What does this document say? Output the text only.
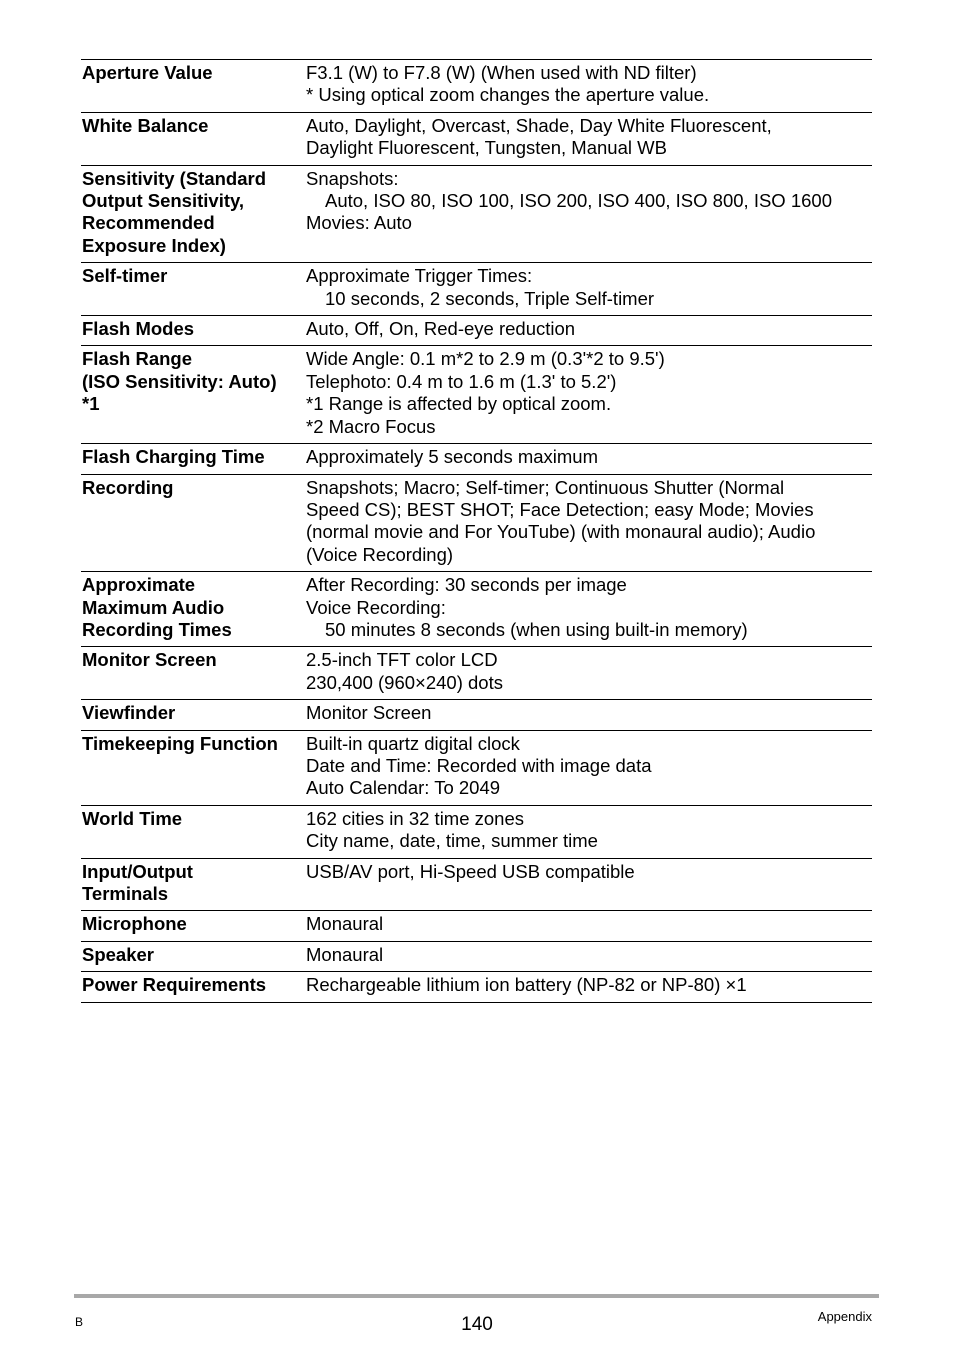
Aperture Value	F3.1 (W) to F7.8 (W) (When used with ND filter)
* Using optical zoom changes the aperture value.

White Balance	Auto, Daylight, Overcast, Shade, Day White Fluorescent,
Daylight Fluorescent, Tungsten, Manual WB

Sensitivity (Standard
Output Sensitivity,
Recommended
Exposure Index)	Snapshots:
Auto, ISO 80, ISO 100, ISO 200, ISO 400, ISO 800, ISO 1600
Movies: Auto

Self-timer	Approximate Trigger Times:
10 seconds, 2 seconds, Triple Self-timer

Flash Modes	Auto, Off, On, Red-eye reduction

Flash Range
(ISO Sensitivity: Auto)
*1	Wide Angle: 0.1 m*2 to 2.9 m (0.3'*2 to 9.5')
Telephoto: 0.4 m to 1.6 m (1.3' to 5.2')
*1 Range is affected by optical zoom.
*2 Macro Focus

Flash Charging Time	Approximately 5 seconds maximum

Recording	Snapshots; Macro; Self-timer; Continuous Shutter (Normal
Speed CS); BEST SHOT; Face Detection; easy Mode; Movies
(normal movie and For YouTube) (with monaural audio); Audio
(Voice Recording)

Approximate
Maximum Audio
Recording Times	After Recording: 30 seconds per image
Voice Recording:
50 minutes 8 seconds (when using built-in memory)

Monitor Screen	2.5-inch TFT color LCD
230,400 (960×240) dots

Viewfinder	Monitor Screen

Timekeeping Function	Built-in quartz digital clock
Date and Time: Recorded with image data
Auto Calendar: To 2049

World Time	162 cities in 32 time zones
City name, date, time, summer time

Input/Output
Terminals	USB/AV port, Hi-Speed USB compatible

Microphone	Monaural

Speaker	Monaural

Power Requirements	Rechargeable lithium ion battery (NP-82 or NP-80) ×1
B	140	Appendix
